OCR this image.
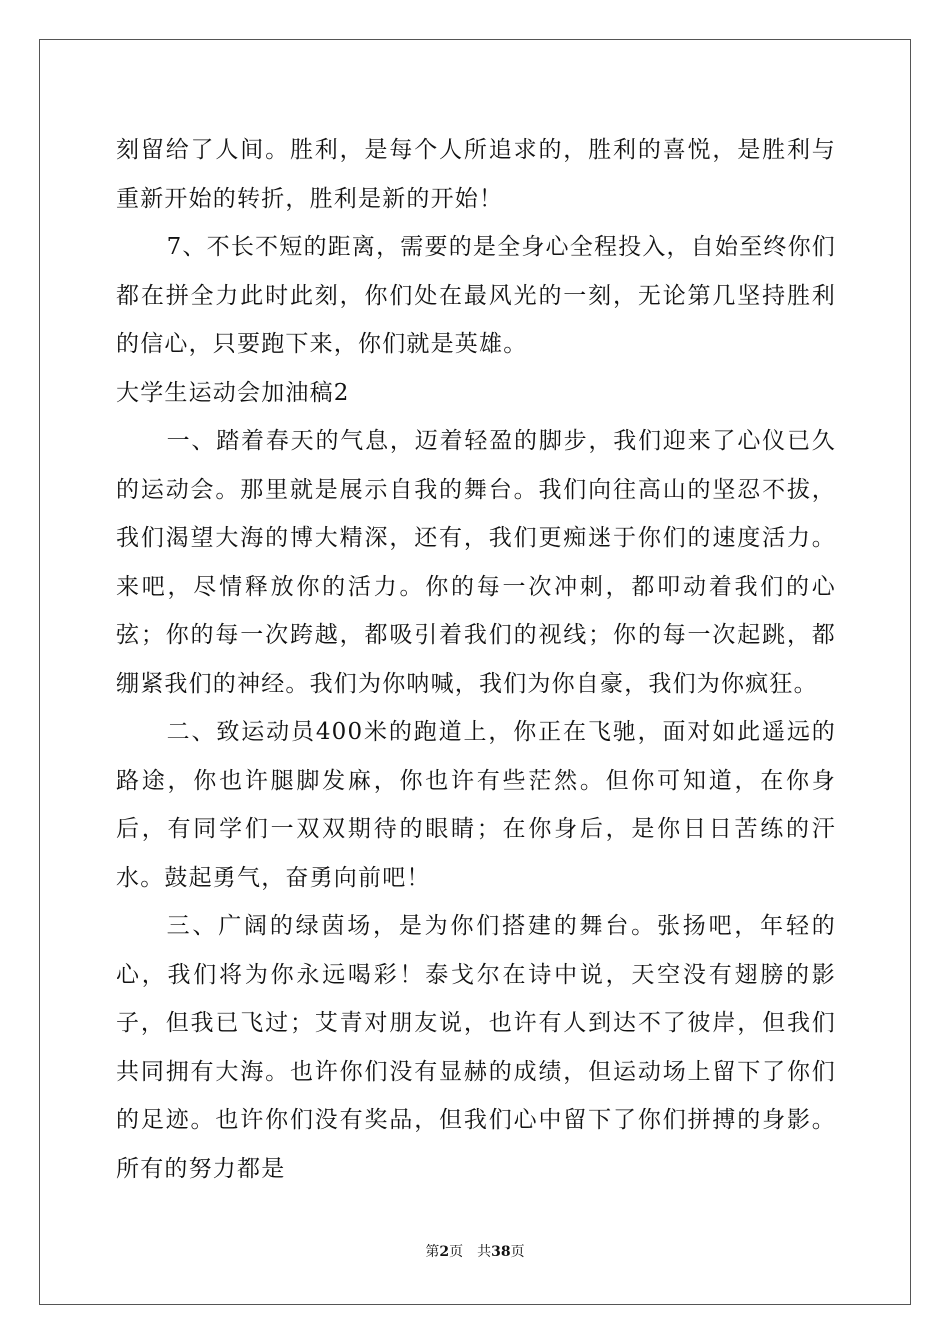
刻留给了人间。胜利，是每个人所追求的，胜利的喜悦，是胜利与重新开始的转折，胜利是新的开始！

7、不长不短的距离，需要的是全身心全程投入，自始至终你们都在拼全力此时此刻，你们处在最风光的一刻，无论第几坚持胜利的信心，只要跑下来，你们就是英雄。

大学生运动会加油稿2

一、踏着春天的气息，迈着轻盈的脚步，我们迎来了心仪已久的运动会。那里就是展示自我的舞台。我们向往高山的坚忍不拔，我们渴望大海的博大精深，还有，我们更痴迷于你们的速度活力。来吧，尽情释放你的活力。你的每一次冲刺，都叩动着我们的心弦；你的每一次跨越，都吸引着我们的视线；你的每一次起跳，都绷紧我们的神经。我们为你呐喊，我们为你自豪，我们为你疯狂。

二、致运动员400米的跑道上，你正在飞驰，面对如此遥远的路途，你也许腿脚发麻，你也许有些茫然。但你可知道，在你身后，有同学们一双双期待的眼睛；在你身后，是你日日苦练的汗水。鼓起勇气，奋勇向前吧！

三、广阔的绿茵场，是为你们搭建的舞台。张扬吧，年轻的心，我们将为你永远喝彩！泰戈尔在诗中说，天空没有翅膀的影子，但我已飞过；艾青对朋友说，也许有人到达不了彼岸，但我们共同拥有大海。也许你们没有显赫的成绩，但运动场上留下了你们的足迹。也许你们没有奖品，但我们心中留下了你们拼搏的身影。所有的努力都是

第2页 共38页
